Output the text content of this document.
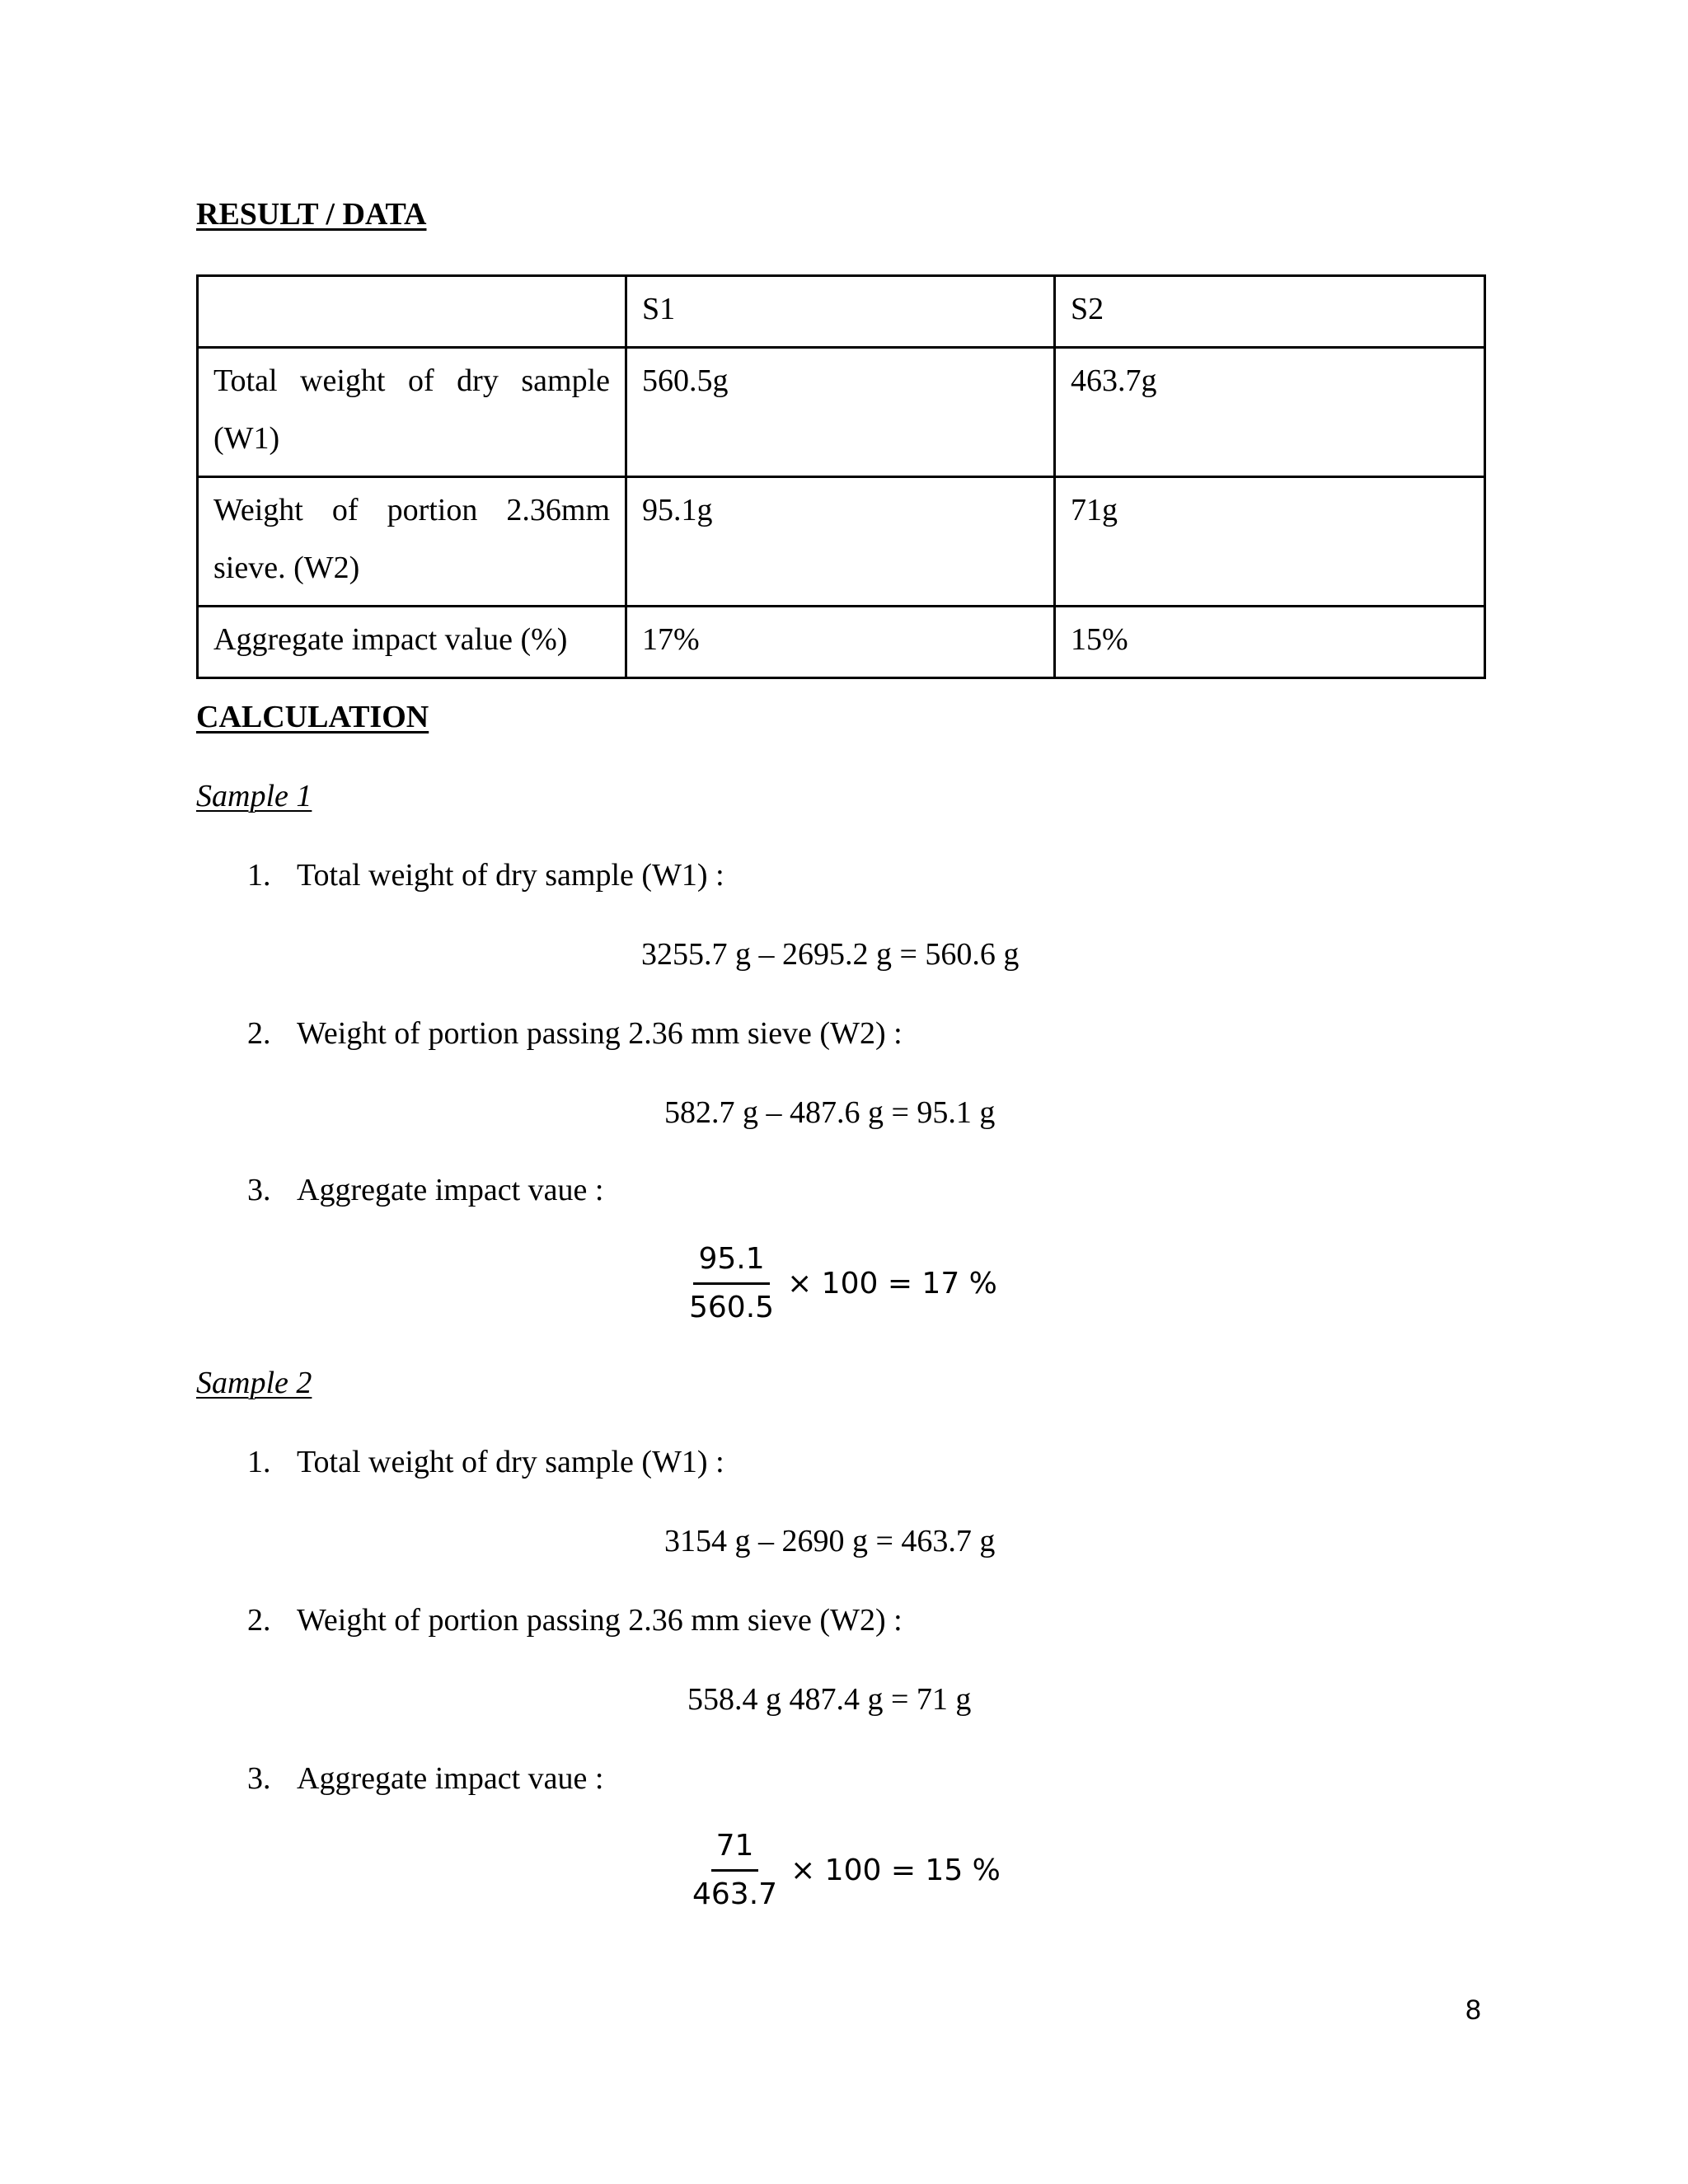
RESULT / DATA
	S1	S2
Total weight of dry sample (W1)	560.5g	463.7g
Weight of portion 2.36mm sieve. (W2)	95.1g	71g
Aggregate impact value (%)	17%	15%
CALCULATION
Sample 1
1. Total weight of dry sample (W1) :
3255.7 g – 2695.2 g = 560.6 g
2. Weight of portion passing 2.36 mm sieve (W2) :
582.7 g – 487.6 g = 95.1 g
3. Aggregate impact vaue :
$\frac{95.1}{560.5} \times 100 = 17$ %
Sample 2
1. Total weight of dry sample (W1) :
3154 g – 2690 g = 463.7 g
2. Weight of portion passing 2.36 mm sieve (W2) :
558.4 g 487.4 g = 71 g
3. Aggregate impact vaue :
$\frac{71}{463.7} \times 100 = 15$ %
8
